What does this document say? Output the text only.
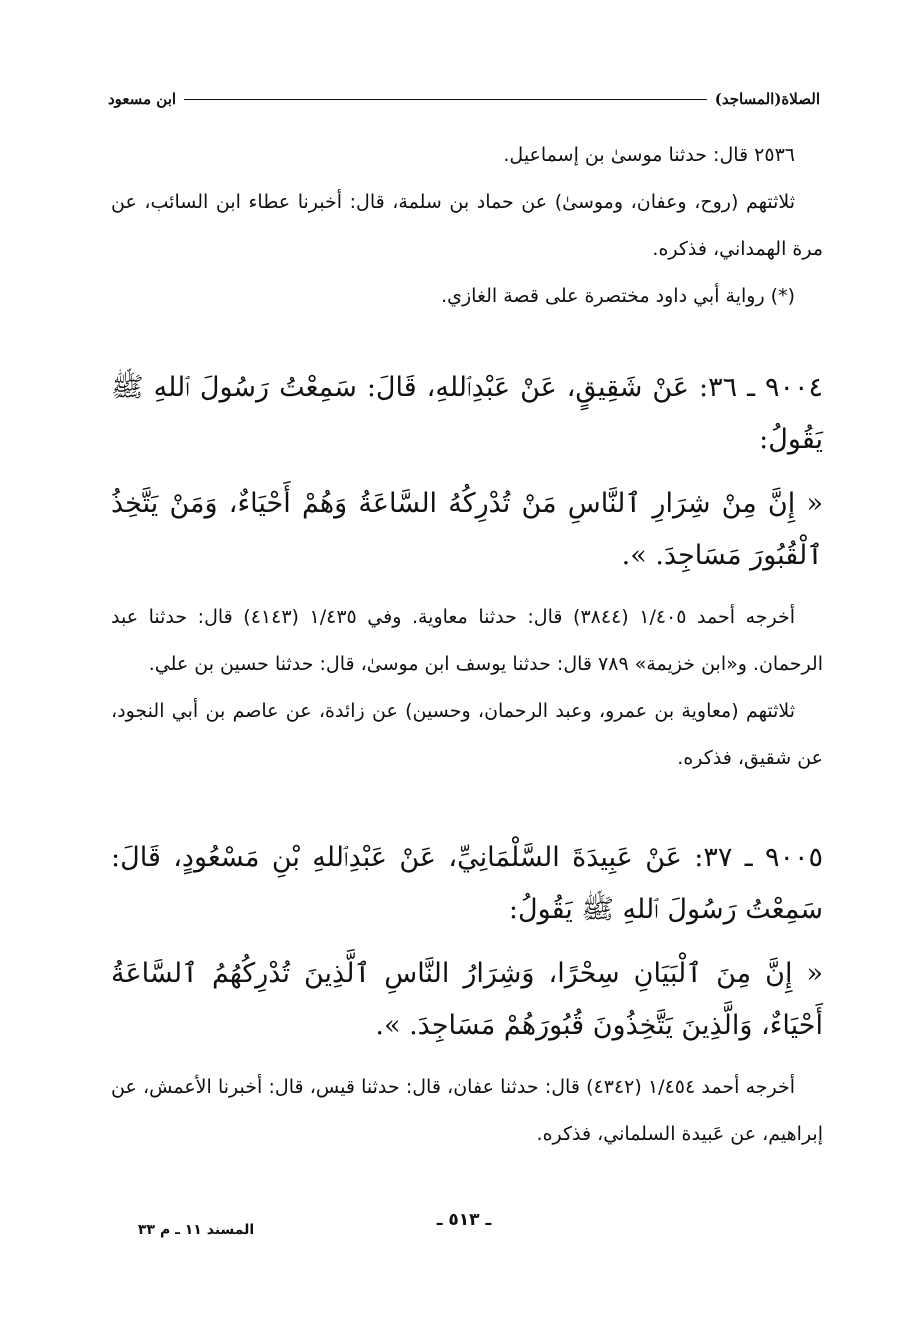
الصلاة(المساجد)
ابن مسعود

٢٥٣٦ قال: حدثنا موسىٰ بن إسماعيل.

ثلاثتهم (روح، وعفان، وموسىٰ) عن حماد بن سلمة، قال: أخبرنا عطاء ابن السائب، عن مرة الهمداني، فذكره.

(*) رواية أبي داود مختصرة على قصة الغازي.

٩٠٠٤ ـ ٣٦: عَنْ شَقِيقٍ، عَنْ عَبْدِٱللهِ، قَالَ: سَمِعْتُ رَسُولَ ٱللهِ ﷺ يَقُولُ:

« إِنَّ مِنْ شِرَارِ ٱلنَّاسِ مَنْ تُدْرِكُهُ السَّاعَةُ وَهُمْ أَحْيَاءٌ، وَمَنْ يَتَّخِذُ ٱلْقُبُورَ مَسَاجِدَ. ».

أخرجه أحمد ١/٤٠٥ (٣٨٤٤) قال: حدثنا معاوية. وفي ١/٤٣٥ (٤١٤٣) قال: حدثنا عبد الرحمان. و«ابن خزيمة» ٧٨٩ قال: حدثنا يوسف ابن موسىٰ، قال: حدثنا حسين بن علي.

ثلاثتهم (معاوية بن عمرو، وعبد الرحمان، وحسين) عن زائدة، عن عاصم بن أبي النجود، عن شقيق، فذكره.

٩٠٠٥ ـ ٣٧: عَنْ عَبِيدَةَ السَّلْمَانِيِّ، عَنْ عَبْدِٱللهِ بْنِ مَسْعُودٍ، قَالَ: سَمِعْتُ رَسُولَ ٱللهِ ﷺ يَقُولُ:

« إِنَّ مِنَ ٱلْبَيَانِ سِحْرًا، وَشِرَارُ النَّاسِ ٱلَّذِينَ تُدْرِكُهُمُ ٱلسَّاعَةُ أَحْيَاءٌ، وَالَّذِينَ يَتَّخِذُونَ قُبُورَهُمْ مَسَاجِدَ. ».

أخرجه أحمد ١/٤٥٤ (٤٣٤٢) قال: حدثنا عفان، قال: حدثنا قيس، قال: أخبرنا الأعمش، عن إبراهيم، عن عَبيدة السلماني، فذكره.

ـ ٥١٣ ـ
المسند ١١ ـ م ٣٣
